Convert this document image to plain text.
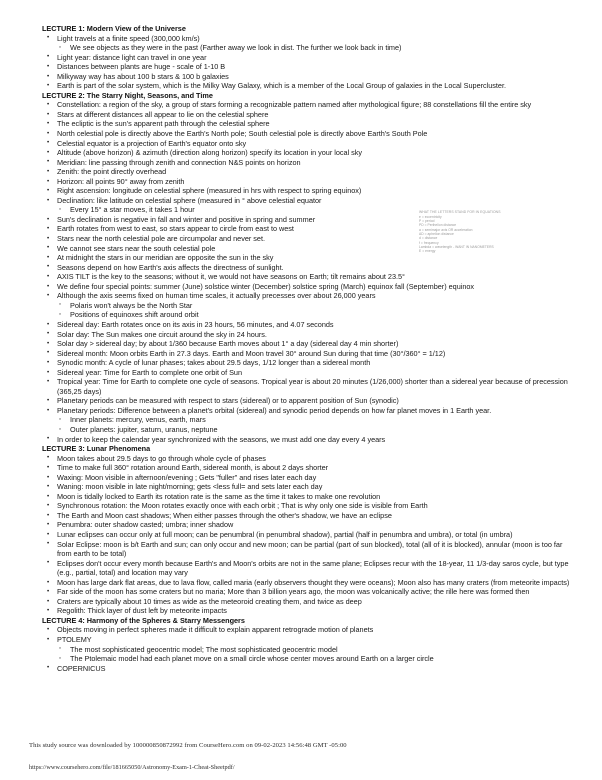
LECTURE 1: Modern View of the Universe
• Light travels at a finite speed (300,000 km/s)
◦ We see objects as they were in the past (Farther away we look in dist. The further we look back in time)
• Light year: distance light can travel in one year
• Distances between plants are huge - scale of 1-10 B
• Milkyway way has about 100 b stars & 100 b galaxies
• Earth is part of the solar system, which is the Milky Way Galaxy, which is a member of the Local Group of galaxies in the Local Supercluster.
LECTURE 2: The Starry Night, Seasons, and Time
• Constellation: a region of the sky, a group of stars forming a recognizable pattern named after mythological figure; 88 constellations fill the entire sky
• Stars at different distances all appear to lie on the celestial sphere
• The ecliptic is the sun's apparent path through the celestial sphere
• North celestial pole is directly above the Earth's North pole; South celestial pole is directly above Earth's South Pole
• Celestial equator is a projection of Earth's equator onto sky
• Altitude (above horizon) & azimuth (direction along horizon) specify its location in your local sky
• Meridian: line passing through zenith and connection N&S points on horizon
• Zenith: the point directly overhead
• Horizon: all points 90° away from zenith
• Right ascension: longitude on celestial sphere (measured in hrs with respect to spring equinox)
• Declination: like latitude on celestial sphere (measured in ° above celestial equator
◦ Every 15° a star moves, it takes 1 hour
• Sun's declination is negative in fall and winter and positive in spring and summer
• Earth rotates from west to east, so stars appear to circle from east to west
• Stars near the north celestial pole are circumpolar and never set.
• We cannot see stars near the south celestial pole
• At midnight the stars in our meridian are opposite the sun in the sky
• Seasons depend on how Earth's axis affects the directness of sunlight.
• AXIS TILT is the key to the seasons; without it, we would not have seasons on Earth; tilt remains about 23.5°
• We define four special points: summer (June) solstice winter (December) solstice spring (March) equinox fall (September) equinox
• Although the axis seems fixed on human time scales, it actually precesses over about 26,000 years
◦ Polaris won't always be the North Star
◦ Positions of equinoxes shift around orbit
• Sidereal day: Earth rotates once on its axis in 23 hours, 56 minutes, and 4.07 seconds
• Solar day: The Sun makes one circuit around the sky in 24 hours.
• Solar day > sidereal day; by about 1/360 because Earth moves about 1° a day (sidereal day 4 min shorter)
• Sidereal month: Moon orbits Earth in 27.3 days. Earth and Moon travel 30° around Sun during that time (30°/360° = 1/12)
• Synodic month: A cycle of lunar phases; takes about 29.5 days, 1/12 longer than a sidereal month
• Sidereal year: Time for Earth to complete one orbit of Sun
• Tropical year: Time for Earth to complete one cycle of seasons. Tropical year is about 20 minutes (1/26,000) shorter than a sidereal year because of precession (365,25 days)
• Planetary periods can be measured with respect to stars (sidereal) or to apparent position of Sun (synodic)
• Planetary periods: Difference between a planet's orbital (sidereal) and synodic period depends on how far planet moves in 1 Earth year.
◦ Inner planets: mercury, venus, earth, mars
◦ Outer planets: jupiter, saturn, uranus, neptune
• In order to keep the calendar year synchronized with the seasons, we must add one day every 4 years
LECTURE 3: Lunar Phenomena
• Moon takes about 29.5 days to go through whole cycle of phases
• Time to make full 360° rotation around Earth, sidereal month, is about 2 days shorter
• Waxing: Moon visible in afternoon/evening ; Gets "fuller" and rises later each day
• Waning: moon visible in late night/morning; gets <less full= and sets later each day
• Moon is tidally locked to Earth its rotation rate is the same as the time it takes to make one revolution
• Synchronous rotation: the Moon rotates exactly once with each orbit ; That is why only one side is visible from Earth
• The Earth and Moon cast shadows; When either passes through the other's shadow, we have an eclipse
• Penumbra: outer shadow casted; umbra; inner shadow
• Lunar eclipses can occur only at full moon; can be penumbral (in penumbral shadow), partial (half in penumbra and umbra), or total (in umbra)
• Solar Eclipse: moon is b/t Earth and sun; can only occur and new moon; can be partial (part of sun blocked), total (all of it is blocked), annular (moon is too far from earth to be total)
• Eclipses don't occur every month because Earth's and Moon's orbits are not in the same plane; Eclipses recur with the 18-year, 11 1/3-day saros cycle, but type (e.g., partial, total) and location may vary
• Moon has large dark flat areas, due to lava flow, called maria (early observers thought they were oceans); Moon also has many craters (from meteorite impacts)
• Far side of the moon has some craters but no maria; More than 3 billion years ago, the moon was volcanically active; the rille here was formed then
• Craters are typically about 10 times as wide as the meteoroid creating them, and twice as deep
• Regolith: Thick layer of dust left by meteorite impacts
LECTURE 4: Harmony of the Spheres & Starry Messengers
• Objects moving in perfect spheres made it difficult to explain apparent retrograde motion of planets
• PTOLEMY
◦ The most sophisticated geocentric model; The most sophisticated geocentric model
◦ The Ptolemaic model had each planet move on a small circle whose center moves around Earth on a larger circle
• COPERNICUS
WHAT THE LETTERS STAND FOR IN EQUATIONS
e = eccentricity
P = period
PD = Perihelion distance
a = semimajor axis OR acceleration
AD = aphelion distance
d = distance
f = frequency
Lambda = wavelength - WANT IN NANOMETERS
E = energy
This study source was downloaded by 100000850872992 from CourseHero.com on 09-02-2023 14:56:48 GMT -05:00
https://www.coursehero.com/file/181665050/Astronomy-Exam-1-Cheat-Sheetpdf/
